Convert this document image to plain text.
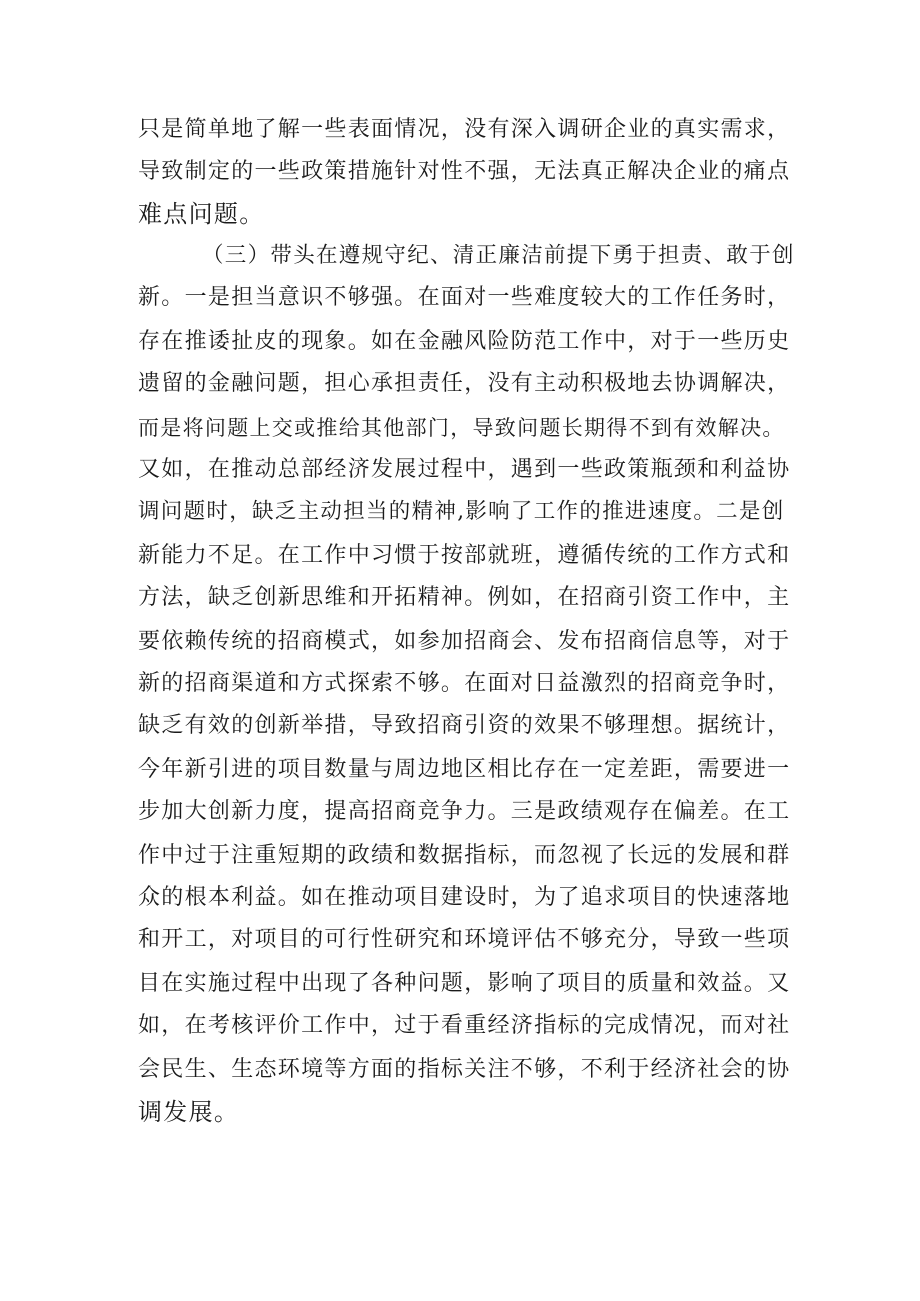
只是简单地了解一些表面情况，没有深入调研企业的真实需求，
导致制定的一些政策措施针对性不强，无法真正解决企业的痛点
难点问题。
（三）带头在遵规守纪、清正廉洁前提下勇于担责、敢于创
新。一是担当意识不够强。在面对一些难度较大的工作任务时，
存在推诿扯皮的现象。如在金融风险防范工作中，对于一些历史
遗留的金融问题，担心承担责任，没有主动积极地去协调解决，
而是将问题上交或推给其他部门，导致问题长期得不到有效解决。
又如，在推动总部经济发展过程中，遇到一些政策瓶颈和利益协
调问题时，缺乏主动担当的精神,影响了工作的推进速度。二是创
新能力不足。在工作中习惯于按部就班，遵循传统的工作方式和
方法，缺乏创新思维和开拓精神。例如，在招商引资工作中，主
要依赖传统的招商模式，如参加招商会、发布招商信息等，对于
新的招商渠道和方式探索不够。在面对日益激烈的招商竞争时，
缺乏有效的创新举措，导致招商引资的效果不够理想。据统计，
今年新引进的项目数量与周边地区相比存在一定差距，需要进一
步加大创新力度，提高招商竞争力。三是政绩观存在偏差。在工
作中过于注重短期的政绩和数据指标，而忽视了长远的发展和群
众的根本利益。如在推动项目建设时，为了追求项目的快速落地
和开工，对项目的可行性研究和环境评估不够充分，导致一些项
目在实施过程中出现了各种问题，影响了项目的质量和效益。又
如，在考核评价工作中，过于看重经济指标的完成情况，而对社
会民生、生态环境等方面的指标关注不够，不利于经济社会的协
调发展。
